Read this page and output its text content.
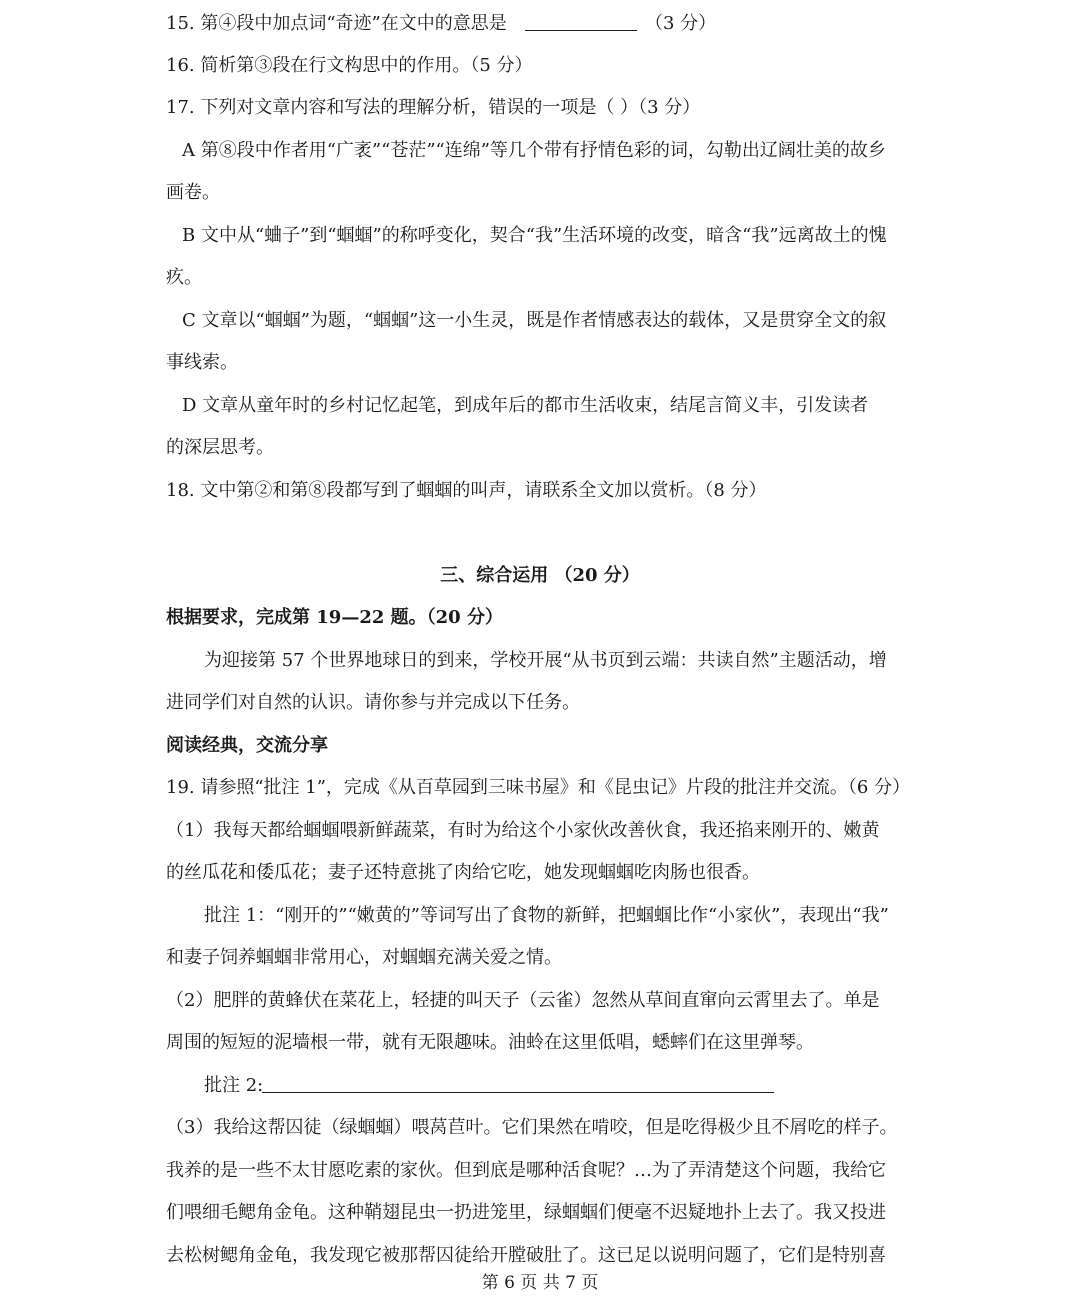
15. 第④段中加点词“奇迹”在文中的意思是	（3 分）
16. 简析第③段在行文构思中的作用。（5 分）
17. 下列对文章内容和写法的理解分析，错误的一项是（ ）（3 分）
A 第⑧段中作者用“广袤”“苍茫”“连绵”等几个带有抒情色彩的词，勾勒出辽阔壮美的故乡
画卷。
B 文中从“蛐子”到“蝈蝈”的称呼变化，契合“我”生活环境的改变，暗含“我”远离故土的愧
疚。
C 文章以“蝈蝈”为题，“蝈蝈”这一小生灵，既是作者情感表达的载体，又是贯穿全文的叙
事线索。
D 文章从童年时的乡村记忆起笔，到成年后的都市生活收束，结尾言简义丰，引发读者
的深层思考。
18. 文中第②和第⑧段都写到了蝈蝈的叫声，请联系全文加以赏析。（8 分）
三、综合运用 （20 分）
根据要求，完成第 19—22 题。（20 分）
为迎接第 57 个世界地球日的到来，学校开展“从书页到云端：共读自然”主题活动，增
进同学们对自然的认识。请你参与并完成以下任务。
阅读经典，交流分享
19. 请参照“批注 1”，完成《从百草园到三味书屋》和《昆虫记》片段的批注并交流。（6 分）
（1）我每天都给蝈蝈喂新鲜蔬菜，有时为给这个小家伙改善伙食，我还掐来刚开的、嫩黄
的丝瓜花和倭瓜花；妻子还特意挑了肉给它吃，她发现蝈蝈吃肉肠也很香。
批注 1：“刚开的”“嫩黄的”等词写出了食物的新鲜，把蝈蝈比作“小家伙”，表现出“我”
和妻子饲养蝈蝈非常用心，对蝈蝈充满关爱之情。
（2）肥胖的黄蜂伏在菜花上，轻捷的叫天子（云雀）忽然从草间直窜向云霄里去了。单是
周围的短短的泥墙根一带，就有无限趣味。油蛉在这里低唱，蟋蟀们在这里弹琴。
批注 2:
（3）我给这帮囚徒（绿蝈蝈）喂莴苣叶。它们果然在啃咬，但是吃得极少且不屑吃的样子。
我养的是一些不太甘愿吃素的家伙。但到底是哪种活食呢？…为了弄清楚这个问题，我给它
们喂细毛鳃角金龟。这种鞘翅昆虫一扔进笼里，绿蝈蝈们便毫不迟疑地扑上去了。我又投进
去松树鳃角金龟，我发现它被那帮囚徒给开膛破肚了。这已足以说明问题了，它们是特别喜
第 6 页 共 7 页
